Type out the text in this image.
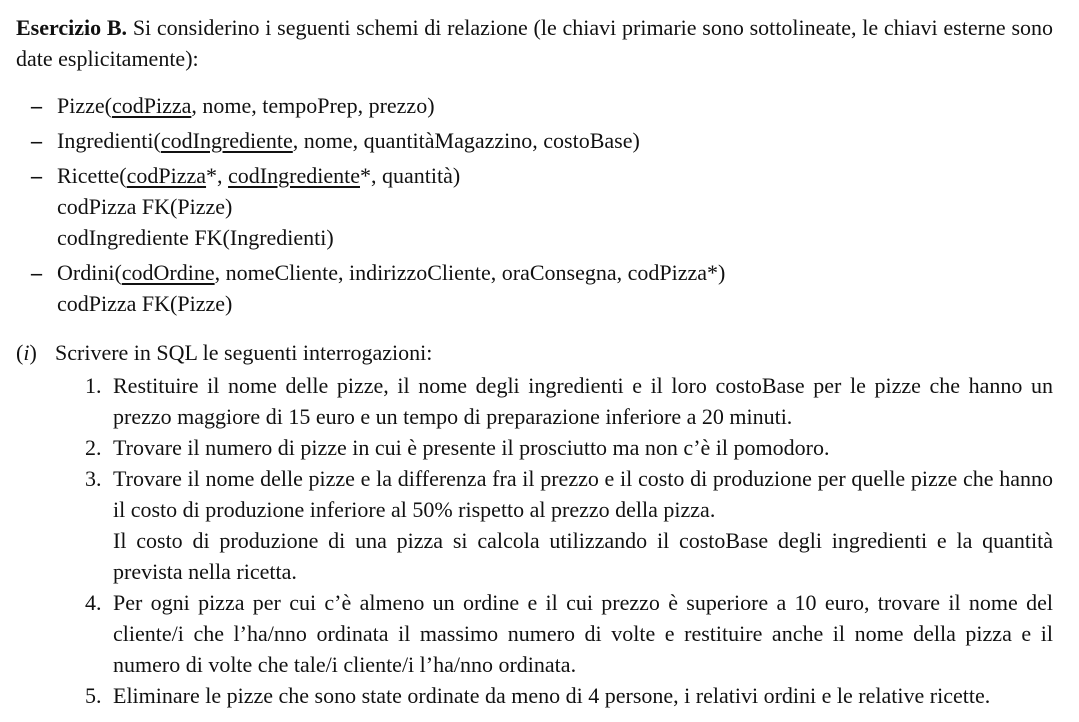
Esercizio B. Si considerino i seguenti schemi di relazione (le chiavi primarie sono sottolineate, le chiavi esterne sono date esplicitamente):

– Pizze(codPizza, nome, tempoPrep, prezzo)
– Ingredienti(codIngrediente, nome, quantitàMagazzino, costoBase)
– Ricette(codPizza*, codIngrediente*, quantità)
codPizza FK(Pizze)
codIngrediente FK(Ingredienti)
– Ordini(codOrdine, nomeCliente, indirizzoCliente, oraConsegna, codPizza*)
codPizza FK(Pizze)
(i) Scrivere in SQL le seguenti interrogazioni:
1. Restituire il nome delle pizze, il nome degli ingredienti e il loro costoBase per le pizze che hanno un prezzo maggiore di 15 euro e un tempo di preparazione inferiore a 20 minuti.
2. Trovare il numero di pizze in cui è presente il prosciutto ma non c’è il pomodoro.
3. Trovare il nome delle pizze e la differenza fra il prezzo e il costo di produzione per quelle pizze che hanno il costo di produzione inferiore al 50% rispetto al prezzo della pizza.
Il costo di produzione di una pizza si calcola utilizzando il costoBase degli ingredienti e la quantità prevista nella ricetta.
4. Per ogni pizza per cui c’è almeno un ordine e il cui prezzo è superiore a 10 euro, trovare il nome del cliente/i che l’ha/nno ordinata il massimo numero di volte e restituire anche il nome della pizza e il numero di volte che tale/i cliente/i l’ha/nno ordinata.
5. Eliminare le pizze che sono state ordinate da meno di 4 persone, i relativi ordini e le relative ricette.
